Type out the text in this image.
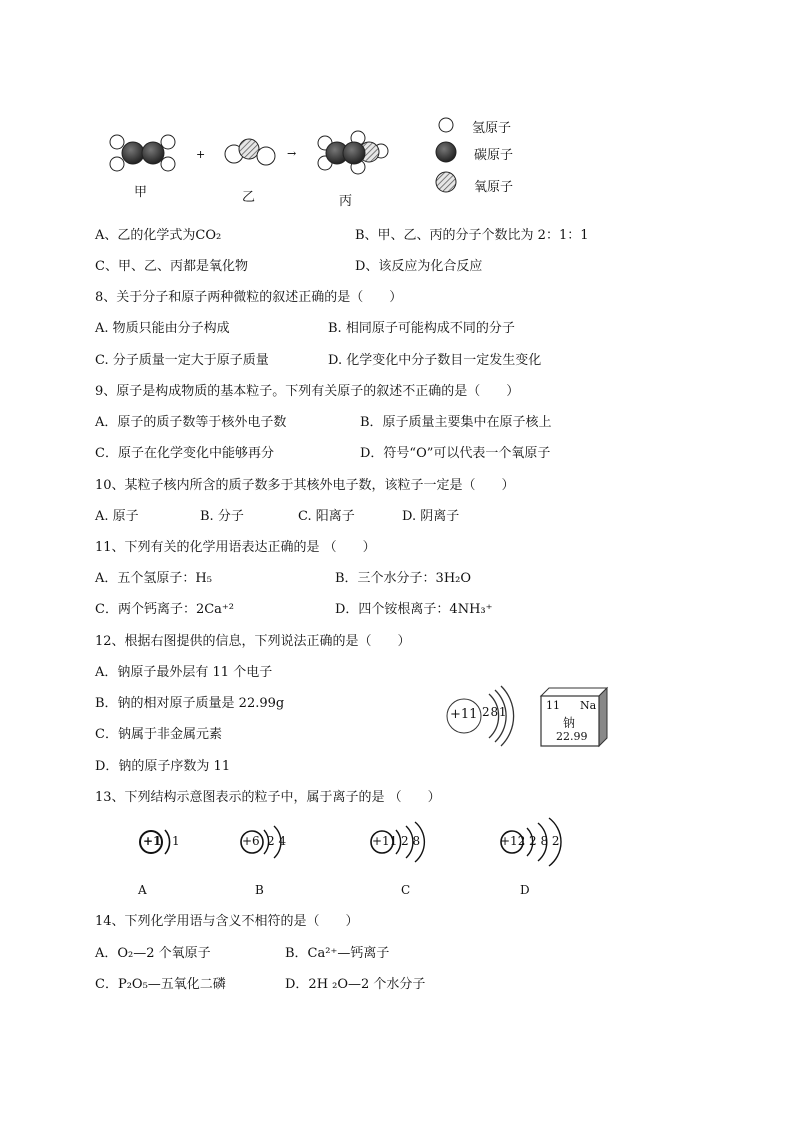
+	→
甲	乙	丙
氢原子
碳原子
氧原子
A、乙的化学式为CO₂	B、甲、乙、丙的分子个数比为 2：1：1
C、甲、乙、丙都是氧化物	D、该反应为化合反应
8、关于分子和原子两种微粒的叙述正确的是（　　）
A. 物质只能由分子构成	B. 相同原子可能构成不同的分子
C. 分子质量一定大于原子质量	D. 化学变化中分子数目一定发生变化
9、原子是构成物质的基本粒子。下列有关原子的叙述不正确的是（　　）
A．原子的质子数等于核外电子数	B．原子质量主要集中在原子核上
C．原子在化学变化中能够再分	D．符号“O”可以代表一个氧原子
10、某粒子核内所含的质子数多于其核外电子数，该粒子一定是（　　）
A. 原子	B. 分子	C. 阳离子	D. 阴离子
11、下列有关的化学用语表达正确的是 （　　）
A．五个氢原子：H₅	B．三个水分子：3H₂O
C．两个钙离子：2Ca⁺²	D．四个铵根离子：4NH₃⁺
12、根据右图提供的信息，下列说法正确的是（　　）
A．钠原子最外层有 11 个电子
B．钠的相对原子质量是 22.99g
C．钠属于非金属元素
D．钠的原子序数为 11
+11 2 8 1	11 Na
钠
22.99
13、下列结构示意图表示的粒子中，属于离子的是 （　　）
+1 1
A
+6 2 4
B
+11 2 8
C
+12 2 8 2
D
14、下列化学用语与含义不相符的是（　　）
A．O₂—2 个氧原子	B．Ca²⁺—钙离子
C．P₂O₅—五氧化二磷	D．2H ₂O—2 个水分子
